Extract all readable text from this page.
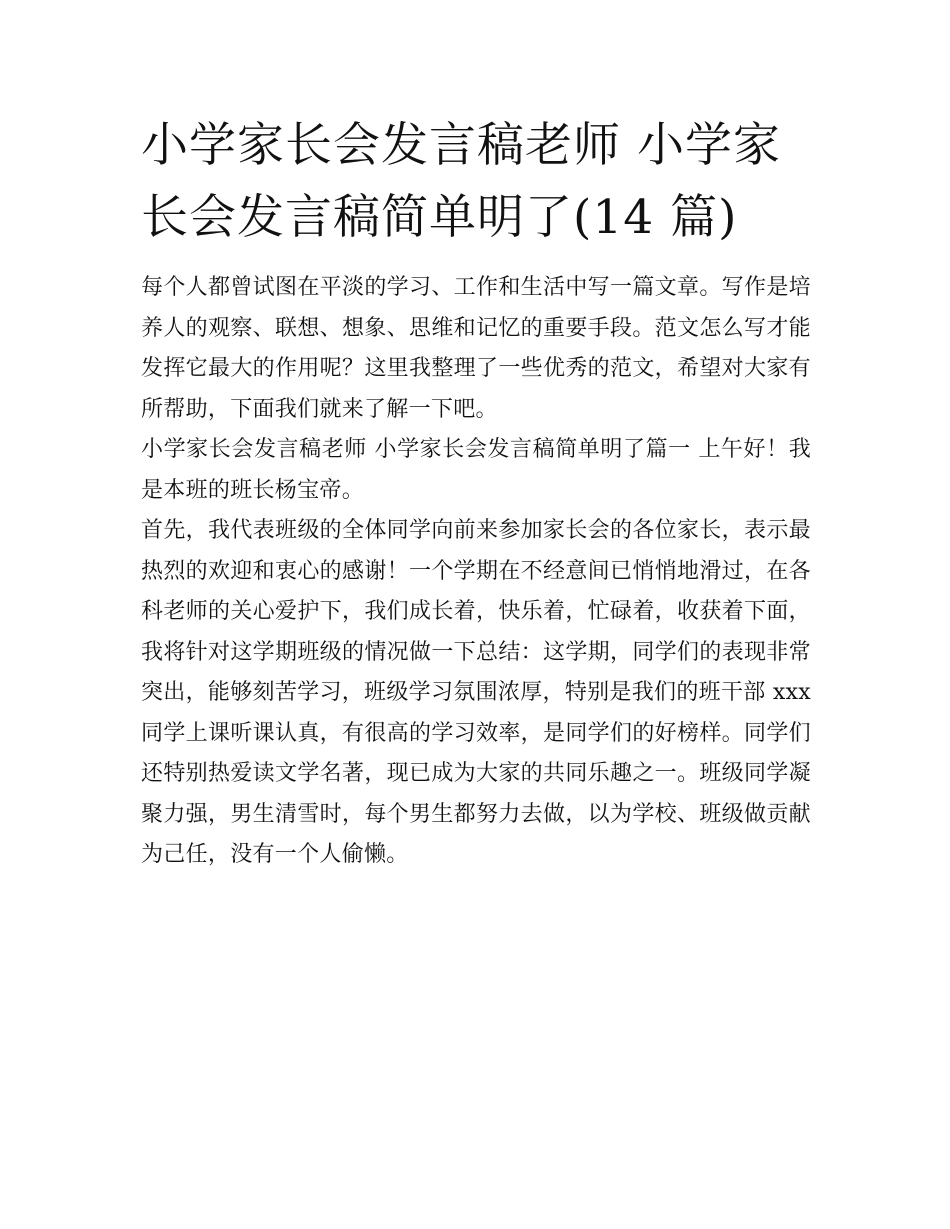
小学家长会发言稿老师 小学家长会发言稿简单明了(14 篇)

每个人都曾试图在平淡的学习、工作和生活中写一篇文章。写作是培养人的观察、联想、想象、思维和记忆的重要手段。范文怎么写才能发挥它最大的作用呢？这里我整理了一些优秀的范文，希望对大家有所帮助，下面我们就来了解一下吧。

小学家长会发言稿老师 小学家长会发言稿简单明了篇一 上午好！我是本班的班长杨宝帝。

首先，我代表班级的全体同学向前来参加家长会的各位家长，表示最热烈的欢迎和衷心的感谢！一个学期在不经意间已悄悄地滑过，在各科老师的关心爱护下，我们成长着，快乐着，忙碌着，收获着下面，我将针对这学期班级的情况做一下总结：这学期，同学们的表现非常突出，能够刻苦学习，班级学习氛围浓厚，特别是我们的班干部 xxx 同学上课听课认真，有很高的学习效率，是同学们的好榜样。同学们还特别热爱读文学名著，现已成为大家的共同乐趣之一。班级同学凝聚力强，男生清雪时，每个男生都努力去做，以为学校、班级做贡献为己任，没有一个人偷懒。
